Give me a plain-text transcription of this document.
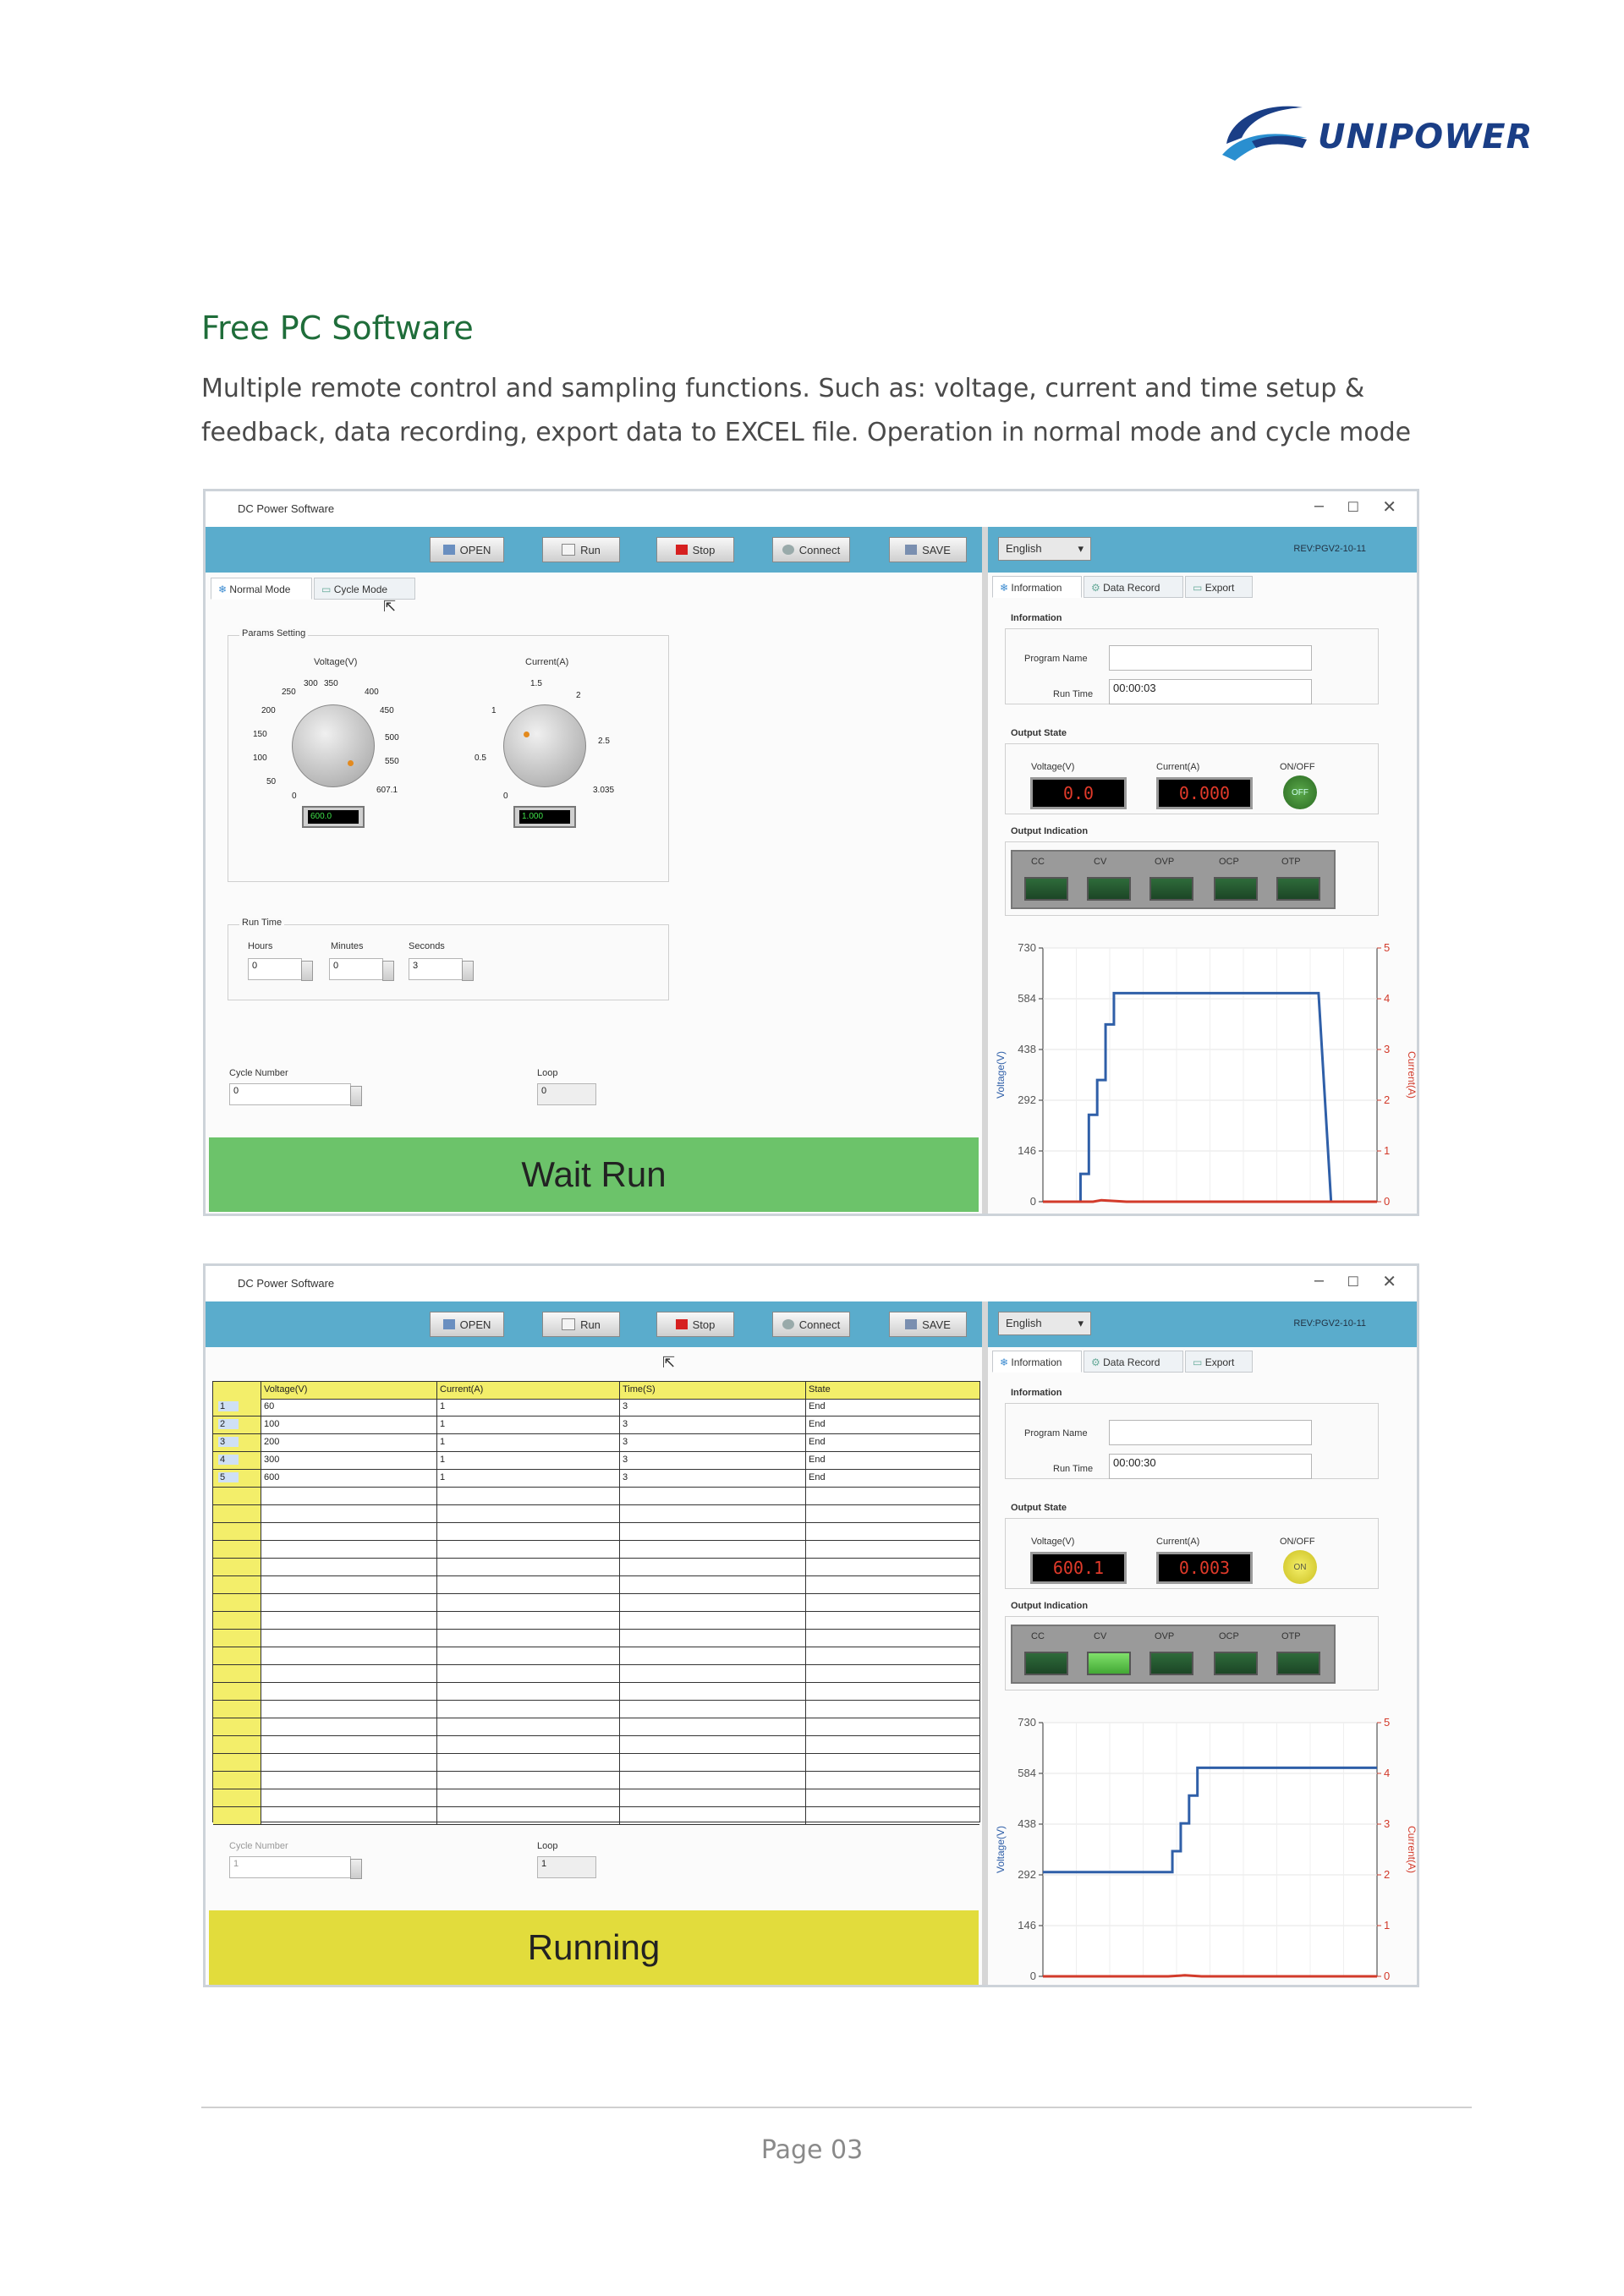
UNIPOWER
Free PC Software
Multiple remote control and sampling functions. Such as: voltage, current and time setup & feedback, data recording, export data to EXCEL file. Operation in normal mode and cycle mode
DC Power Software	– ☐ ✕
OPEN	Run	Stop	Connect	SAVE	English	▾	REV:PGV2-10-11
❄ Normal Mode	▭ Cycle Mode
⇱
Params Setting
Voltage(V)
0
50
100
150
200
250
300 350
400
450
500
550
607.1
600.0
Current(A)
0
0.5
1
1.5
2
2.5
3.035
1.000
Run Time
Hours	Minutes	Seconds
0	0	3
Cycle Number
0
Loop
0
Wait Run
❄ Information	⚙ Data Record	▭ Export
Information
Program Name
Run Time	00:00:03
Output State
Voltage(V)	Current(A)	ON/OFF
0.0	0.000	OFF
Output Indication
CC	CV	OVP	OCP	OTP
0
146
292
438
584
730
0
1
2
3
4
5
Voltage(V)	Current(A)
DC Power Software	– ☐ ✕
OPEN	Run	Stop	Connect	SAVE	English	▾	REV:PGV2-10-11
⇱
Voltage(V)	Current(A)	Time(S)	State
1	60	1	3	End
2	100	1	3	End
3	200	1	3	End
4	300	1	3	End
5	600	1	3	End
Cycle Number
1
Loop
1
Running
❄ Information	⚙ Data Record	▭ Export
Information
Program Name
Run Time	00:00:30
Output State
Voltage(V)	Current(A)	ON/OFF
600.1	0.003	ON
Output Indication
CC	CV	OVP	OCP	OTP
0
146
292
438
584
730
0
1
2
3
4
5
Voltage(V)	Current(A)
Page 03
